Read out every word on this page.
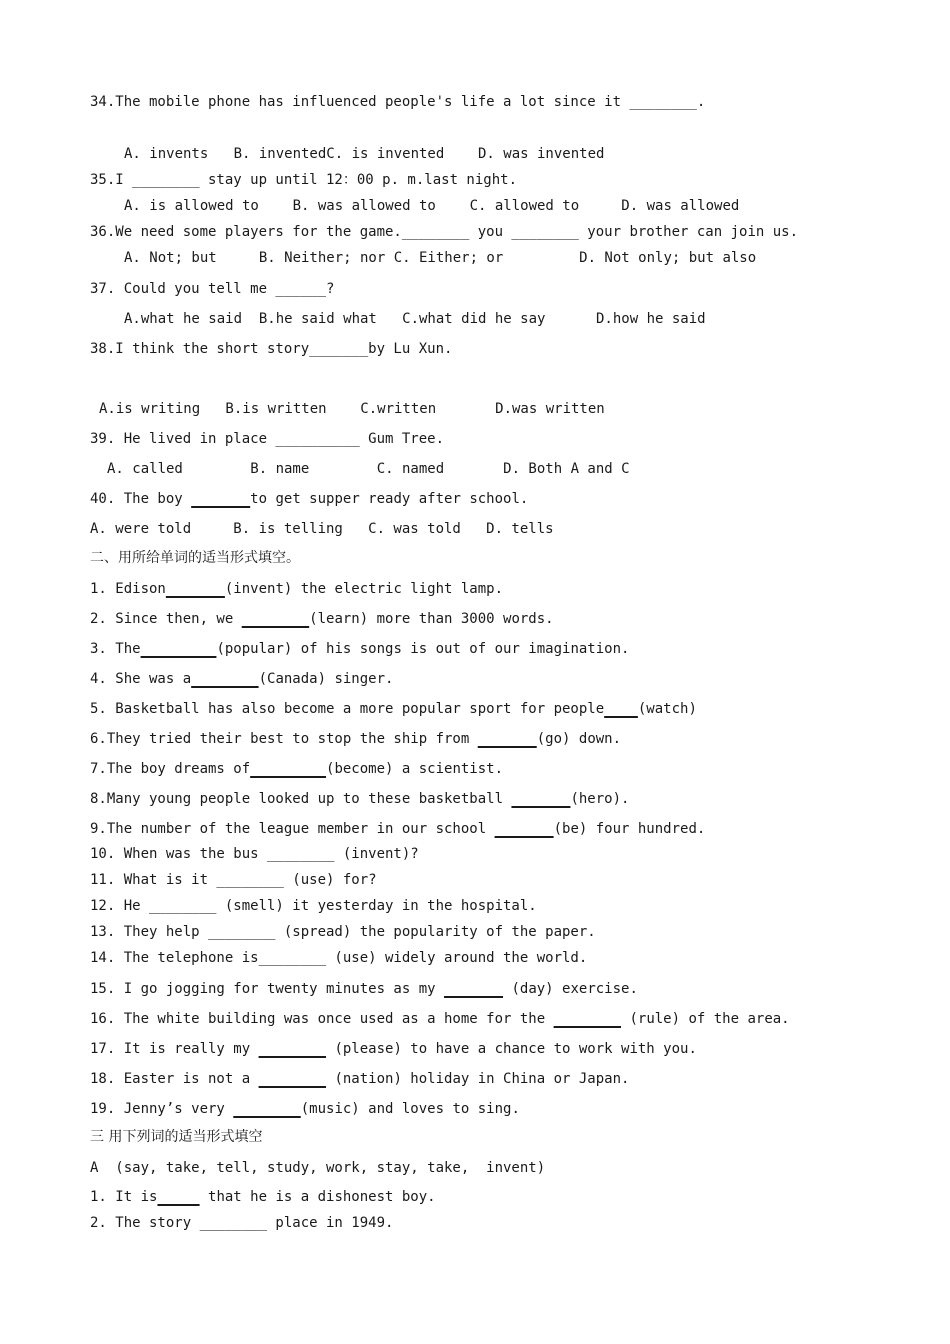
34.The mobile phone has influenced people's life a lot since it ________.
A. invents   B. inventedC. is invented    D. was invented
35.I ________ stay up until 12：00 p. m.last night.
A. is allowed to    B. was allowed to    C. allowed to     D. was allowed
36.We need some players for the game.________ you ________ your brother can join us.
A. Not; but     B. Neither; nor C. Either; or         D. Not only; but also
37. Could you tell me ______?
A.what he said  B.he said what   C.what did he say      D.how he said
38.I think the short story_______by Lu Xun.
A.is writing   B.is written    C.written       D.was written
39. He lived in place __________ Gum Tree.
A. called        B. name        C. named       D. Both A and C
40. The boy	to get supper ready after school.
A. were told     B. is telling   C. was told   D. tells
二、用所给单词的适当形式填空。
1. Edison	(invent) the electric light lamp.
2. Since then, we	(learn) more than 3000 words.
3. The	(popular) of his songs is out of our imagination.
4. She was a	(Canada) singer.
5. Basketball has also become a more popular sport for people (watch)
6.They tried their best to stop the ship from	(go) down.
7.The boy dreams of	(become) a scientist.
8.Many young people looked up to these basketball	(hero).
9.The number of the league member in our school	(be) four hundred.
10. When was the bus ________ (invent)?
11. What is it ________ (use) for?
12. He ________ (smell) it yesterday in the hospital.
13. They help ________ (spread) the popularity of the paper.
14. The telephone is________ (use) widely around the world.
15. I go jogging for twenty minutes as my	(day) exercise.
16. The white building was once used as a home for the	(rule) of the area.
17. It is really my	(please) to have a chance to work with you.
18. Easter is not a	(nation) holiday in China or Japan.
19. Jenny’s very	(music) and loves to sing.
三 用下列词的适当形式填空
A  (say, take, tell, study, work, stay, take,  invent)
1. It is	that he is a dishonest boy.
2. The story ________ place in 1949.
